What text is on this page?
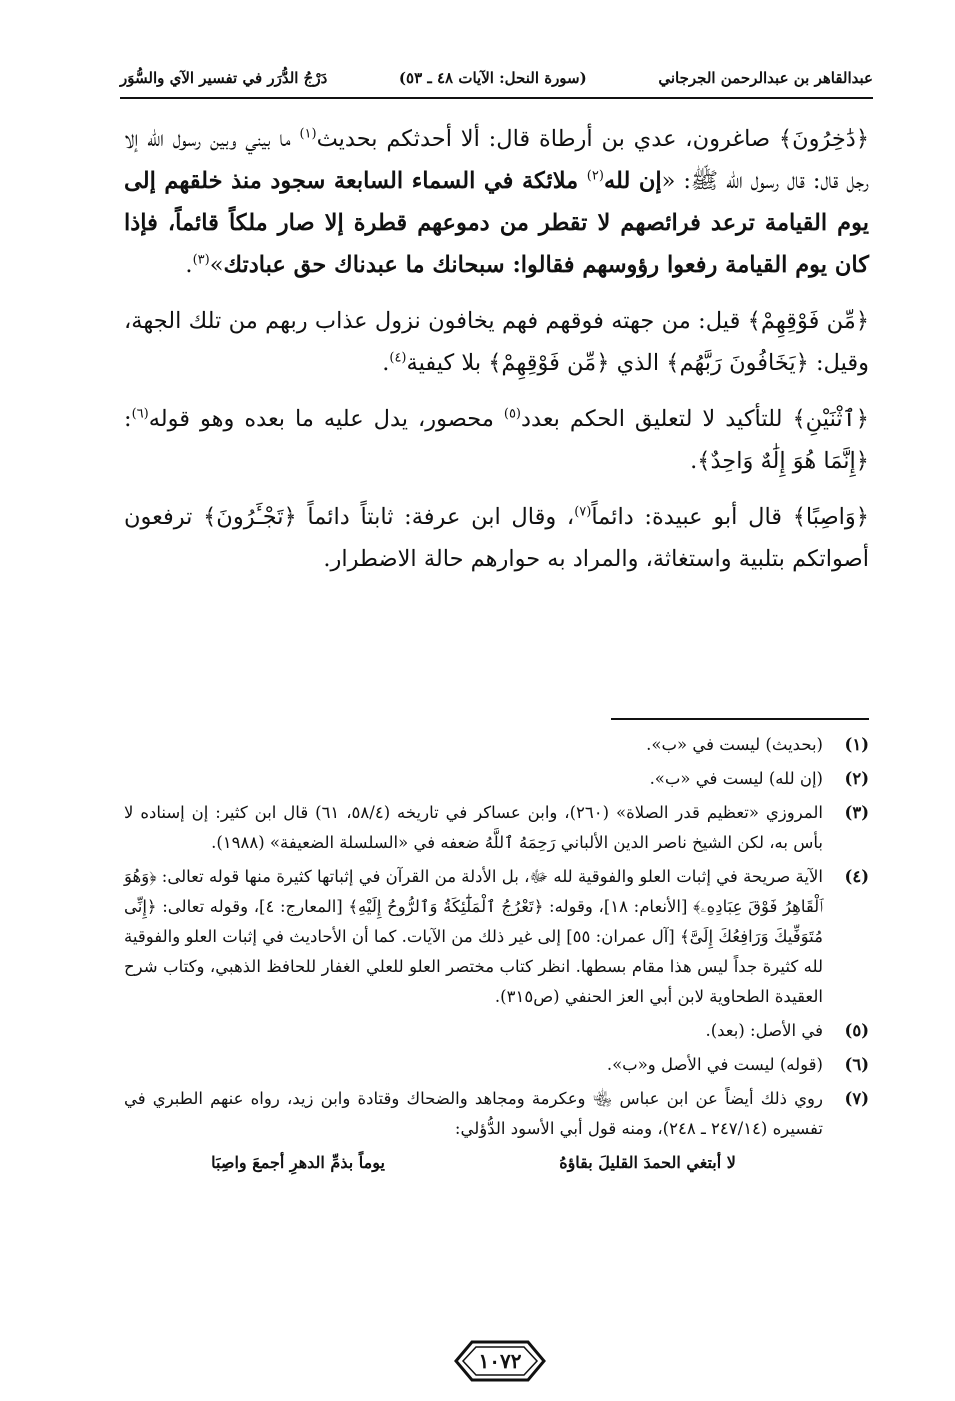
عبدالقاهر بن عبدالرحمن الجرجاني
(سورة النحل: الآيات ٤٨ ـ ٥٣)
دَرْجُ الدُّرَر في تفسير الآي والسُّوَر

﴿دَٰخِرُونَ﴾ صاغرون، عدي بن أرطاة قال: ألا أحدثكم بحديث$^{(١)}$ ما بيني وبين رسول الله إلا رجل قال: قال رسول الله ﷺ: «إن لله$^{(٢)}$ ملائكة في السماء السابعة سجود منذ خلقهم إلى يوم القيامة ترعد فرائصهم لا تقطر من دموعهم قطرة إلا صار ملكاً قائماً، فإذا كان يوم القيامة رفعوا رؤوسهم فقالوا: سبحانك ما عبدناك حق عبادتك»$^{(٣)}$.

﴿مِّن فَوْقِهِمْ﴾ قيل: من جهته فوقهم فهم يخافون نزول عذاب ربهم من تلك الجهة، وقيل: ﴿يَخَافُونَ رَبَّهُم﴾ الذي ﴿مِّن فَوْقِهِمْ﴾ بلا كيفية$^{(٤)}$.

﴿ٱثْنَيْنِ﴾ للتأكيد لا لتعليق الحكم بعدد$^{(٥)}$ محصور، يدل عليه ما بعده وهو قوله$^{(٦)}$: ﴿إِنَّمَا هُوَ إِلَٰهٌ وَاحِدٌ﴾.

﴿وَاصِبًا﴾ قال أبو عبيدة: دائماً$^{(٧)}$، وقال ابن عرفة: ثابتاً دائماً ﴿تَجْـَٔرُونَ﴾ ترفعون أصواتكم بتلبية واستغاثة، والمراد به حوارهم حالة الاضطرار.

(١)
(بحديث) ليست في «ب».
(٢)
(إن لله) ليست في «ب».
(٣)
المروزي «تعظيم قدر الصلاة» (٢٦٠)، وابن عساكر في تاريخه (٥٨/٤، ٦١) قال ابن كثير: إن إسناده لا بأس به، لكن الشيخ ناصر الدين الألباني رَحِمَهُ ٱللَّهُ ضعفه في «السلسلة الضعيفة» (١٩٨٨).
(٤)
الآية صريحة في إثبات العلو والفوقية لله ﷻ، بل الأدلة من القرآن في إثباتها كثيرة منها قوله تعالى: ﴿وَهُوَ ٱلْقَاهِرُ فَوْقَ عِبَادِهِۦ﴾ [الأنعام: ١٨]، وقوله: ﴿تَعْرُجُ ٱلْمَلَٰٓئِكَةُ وَٱلرُّوحُ إِلَيْهِ﴾ [المعارج: ٤]، وقوله تعالى: ﴿إِنِّى مُتَوَفِّيكَ وَرَافِعُكَ إِلَىَّ﴾ [آل عمران: ٥٥] إلى غير ذلك من الآيات. كما أن الأحاديث في إثبات العلو والفوقية لله كثيرة جداً ليس هذا مقام بسطها. انظر كتاب مختصر العلو للعلي الغفار للحافظ الذهبي، وكتاب شرح العقيدة الطحاوية لابن أبي العز الحنفي (ص٣١٥).
(٥)
في الأصل: (بعد).
(٦)
(قوله) ليست في الأصل و«ب».
(٧)
روي ذلك أيضاً عن ابن عباس ﵄ وعكرمة ومجاهد والضحاك وقتادة وابن زيد، رواه عنهم الطبري في تفسيره (٢٤٧/١٤ ـ ٢٤٨)، ومنه قول أبي الأسود الدُّؤلي:
لا أبتغي الحمدَ القليلَ بقاؤهُ
يوماً بذمِّ الدهرِ أجمعَ واصِبَا
١٠٧٢
